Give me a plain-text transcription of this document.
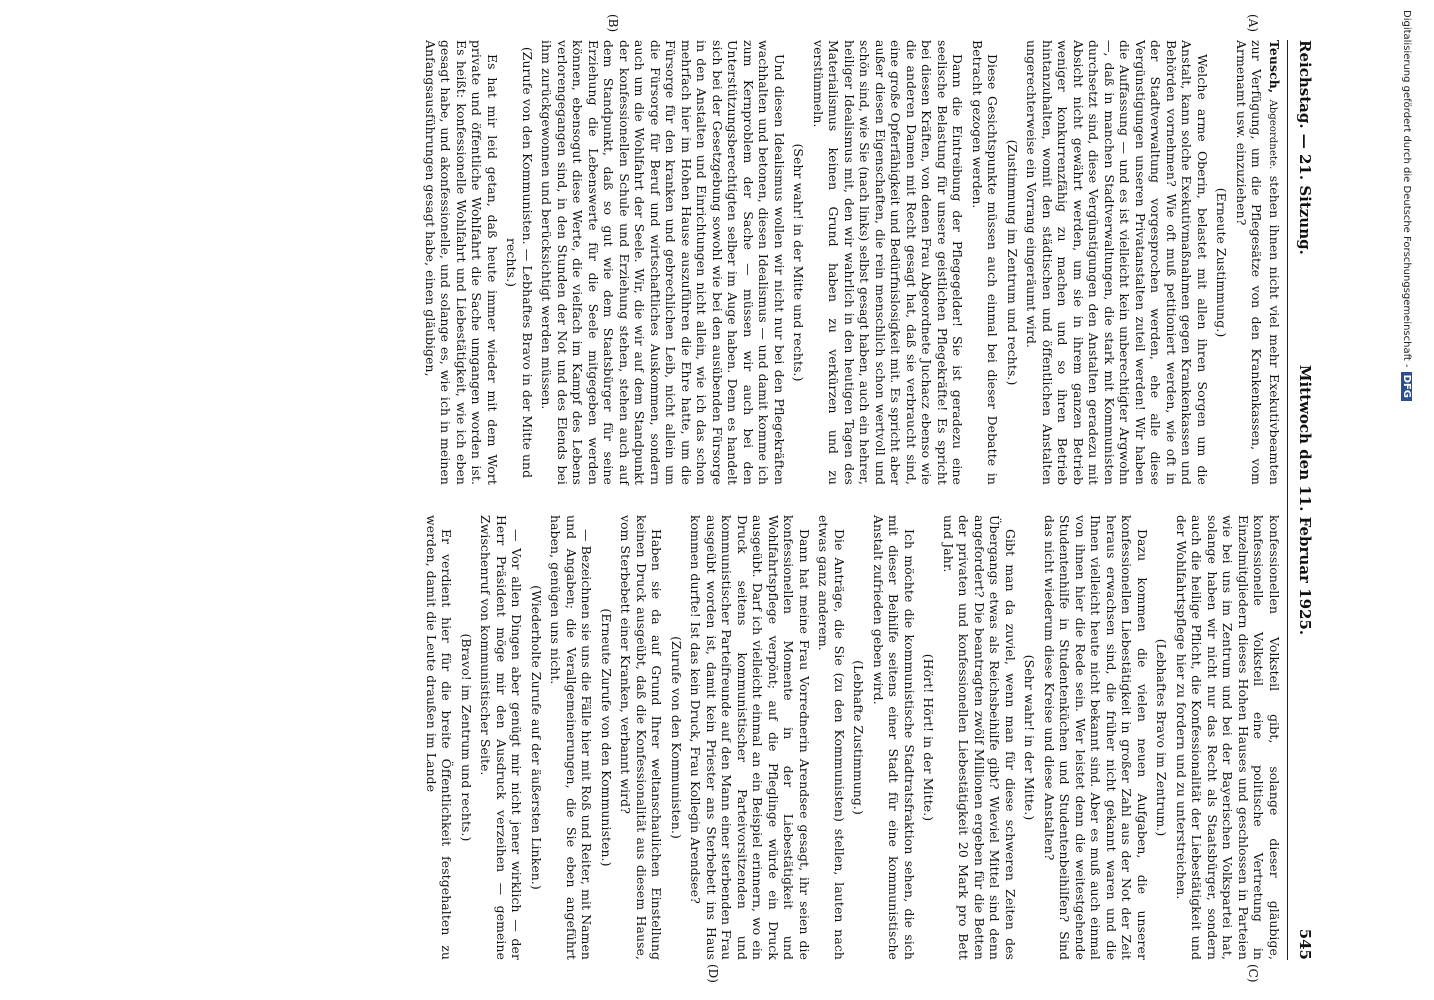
Reichstag. — 21. Sitzung.
Mittwoch den 11. Februar 1925.
545

Teusch, Abgeordnete. stehen ihnen nicht viel mehr Exekutivbeamten zur Verfügung, um die Pflegesätze von den Krankenkassen, vom Armenamt usw. einzuziehen?

(Erneute Zustimmung.)

Welche arme Oberin, belastet mit allen ihren Sorgen um die Anstalt, kann solche Exekutivmaßnahmen gegen Krankenkassen und Behörden vornehmen? Wie oft muß petitioniert werden, wie oft in der Stadtverwaltung vorgesprochen werden, ehe alle diese Vergünstigungen unseren Privatanstalten zuteil werden! Wir haben die Auffassung — und es ist vielleicht kein unberechtigter Argwohn —, daß in manchen Stadtverwaltungen, die stark mit Kommunisten durchsetzt sind, diese Vergünstigungen den Anstalten geradezu mit Absicht nicht gewährt werden, um sie in ihrem ganzen Betrieb weniger konkurrenzfähig zu machen und so ihren Betrieb hintanzuhalten, womit den städtischen und öffentlichen Anstalten ungerechterweise ein Vorrang eingeräumt wird.

(Zustimmung im Zentrum und rechts.)

Diese Gesichtspunkte müssen auch einmal bei dieser Debatte in Betracht gezogen werden.

Dann die Eintreibung der Pflegegelder! Sie ist geradezu eine seelische Belastung für unsere geistlichen Pflegekräfte! Es spricht bei diesen Kräften, von denen Frau Abgeordnete Juchacz ebenso wie die anderen Damen mit Recht gesagt hat, daß sie verbraucht sind, eine große Opferfähigkeit und Bedürfnislosigkeit mit. Es spricht aber außer diesen Eigenschaften, die rein menschlich schon wertvoll und schön sind, wie Sie (nach links) selbst gesagt haben, auch ein hehrer, heiliger Idealismus mit, den wir wahrlich in den heutigen Tagen des Materialismus keinen Grund haben zu verkürzen und zu verstümmeln.

(Sehr wahr! in der Mitte und rechts.)

Und diesen Idealismus wollen wir nicht nur bei den Pflegekräften wachhalten und betonen, diesen Idealismus — und damit komme ich zum Kernproblem der Sache — müssen wir auch bei den Unterstützungsberechtigten selber im Auge haben. Denn es handelt sich bei der Gesetzgebung sowohl wie bei den ausübenden Fürsorge in den Anstalten und Einrichtungen nicht allein, wie ich das schon mehrfach hier im Hohen Hause auszuführen die Ehre hatte, um die Fürsorge für den kranken und gebrechlichen Leib, nicht allein um die Fürsorge für Beruf und wirtschaftliches Auskommen, sondern auch um die Wohlfahrt der Seele. Wir, die wir auf dem Standpunkt der konfessionellen Schule und Erziehung stehen, stehen auch auf dem Standpunkt, daß so gut wie dem Staatsbürger für seine Erziehung die Lebenswerte für die Seele mitgegeben werden können, ebensogut diese Werte, die vielfach im Kampf des Lebens verlorengegangen sind, in den Stunden der Not und des Elends bei ihm zurückgewonnen und berücksichtigt werden müssen.

(Zurufe von den Kommunisten. — Lebhaftes Bravo in der Mitte und rechts.)

Es hat mir leid getan, daß heute immer wieder mit dem Wort private und öffentliche Wohlfahrt die Sache umgangen worden ist. Es heißt: konfessionelle Wohlfahrt und Liebestätigkeit, wie ich eben gesagt habe, und akonfessionelle, und solange es, wie ich in meinen Anfangsausführungen gesagt habe, einen gläubigen,

konfessionellen Volksteil gibt, solange dieser gläubige, konfessionelle Volksteil eine politische Vertretung in Einzelmitgliedern dieses Hohen Hauses und geschlossen in Parteien wie bei uns im Zentrum und bei der Bayerischen Volkspartei hat, solange haben wir nicht nur das Recht als Staatsbürger, sondern auch die heilige Pflicht, die Konfessionalität der Liebestätigkeit und der Wohlfahrtspflege hier zu fordern und zu unterstreichen.

(Lebhaftes Bravo im Zentrum.)

Dazu kommen die vielen neuen Aufgaben, die unserer konfessionellen Liebestätigkeit in großer Zahl aus der Not der Zeit heraus erwachsen sind, die früher nicht gekannt waren und die Ihnen vielleicht heute nicht bekannt sind. Aber es muß auch einmal von ihnen hier die Rede sein. Wer leistet denn die weitestgehende Studentenhilfe in Studentenküchen und Studentenbeihilfen? Sind das nicht wiederum diese Kreise und diese Anstalten?

(Sehr wahr! in der Mitte.)

Gibt man da zuviel, wenn man für diese schweren Zeiten des Übergangs etwas als Reichsbeihilfe gibt? Wieviel Mittel sind denn angefordert? Die beantragten zwölf Millionen ergeben für die Betten der privaten und konfessionellen Liebestätigkeit 20 Mark pro Bett und Jahr.

(Hört! Hört! in der Mitte.)

Ich möchte die kommunistische Stadtratsfraktion sehen, die sich mit dieser Beihilfe seitens einer Stadt für eine kommunistische Anstalt zufrieden geben wird.

(Lebhafte Zustimmung.)

Die Anträge, die Sie (zu den Kommunisten) stellen, lauten nach etwas ganz anderem.

Dann hat meine Frau Vorrednerin Arendsee gesagt, ihr seien die konfessionellen Momente in der Liebestätigkeit und Wohlfahrtspflege verpönt; auf die Pfleglinge würde ein Druck ausgeübt. Darf ich vielleicht einmal an ein Beispiel erinnern, wo ein Druck seitens kommunistischer Parteivorsitzenden und kommunistischer Parteifreunde auf den Mann einer sterbenden Frau ausgeübt worden ist, damit kein Priester ans Sterbebett ins Haus kommen durfte! Ist das kein Druck, Frau Kollegin Arendsee?

(Zurufe von den Kommunisten.)

Haben sie da auf Grund Ihrer weltanschaulichen Einstellung keinen Druck ausgeübt, daß die Konfessionalität aus diesem Hause, vom Sterbebett einer Kranken, verbannt wird?

(Erneute Zurufe von den Kommunisten.)

— Bezeichnen sie uns die Fälle hier mit Roß und Reiter, mit Namen und Angaben; die Verallgemeinerungen, die Sie eben angeführt haben, genügen uns nicht.

(Wiederholte Zurufe auf der äußersten Linken.)

— Vor allen Dingen aber genügt mir nicht jener wirklich — der Herr Präsident möge mir den Ausdruck verzeihen — gemeine Zwischenruf von kommunistischer Seite.

(Bravo! im Zentrum und rechts.)

Er verdient hier für die breite Öffentlichkeit festgehalten zu werden, damit die Leute draußen im Lande

(A)
(B)
(C)
(D)
Digitalisierung gefördert durch die Deutsche Forschungsgemeinschaft -DFG
